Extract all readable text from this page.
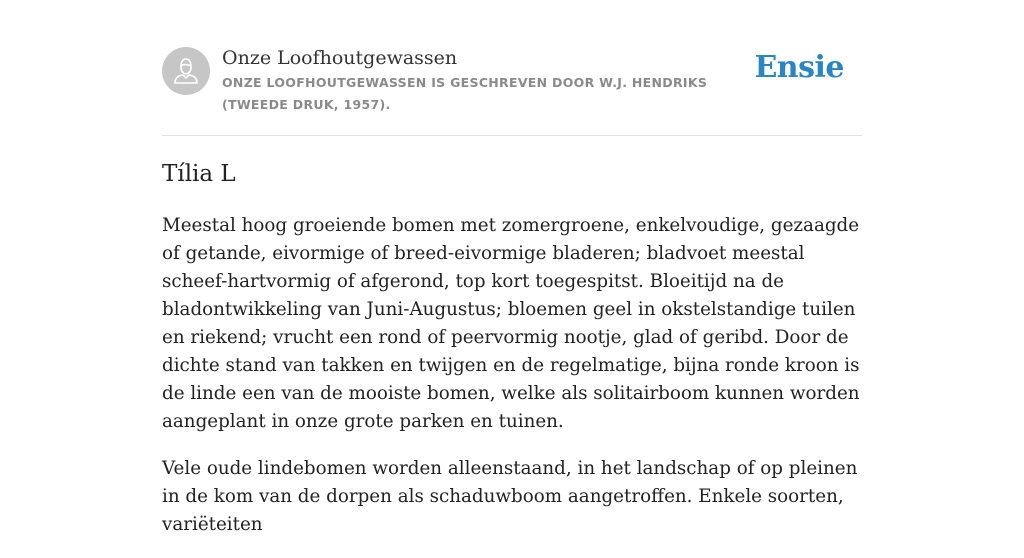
Onze Loofhoutgewassen
ONZE LOOFHOUTGEWASSEN IS GESCHREVEN DOOR W.J. HENDRIKS (TWEEDE DRUK, 1957).
Ensie
Tília L

Meestal hoog groeiende bomen met zomergroene, enkelvoudige, gezaagde of getande, eivormige of breed-eivormige bladeren; bladvoet meestal scheef-hartvormig of afgerond, top kort toegespitst. Bloeitijd na de bladontwikkeling van Juni-Augustus; bloemen geel in okstelstandige tuilen en riekend; vrucht een rond of peervormig nootje, glad of geribd. Door de dichte stand van takken en twijgen en de regelmatige, bijna ronde kroon is de linde een van de mooiste bomen, welke als solitairboom kunnen worden aangeplant in onze grote parken en tuinen.

Vele oude lindebomen worden alleenstaand, in het landschap of op pleinen in de kom van de dorpen als schaduwboom aangetroffen. Enkele soorten, variëteiten
